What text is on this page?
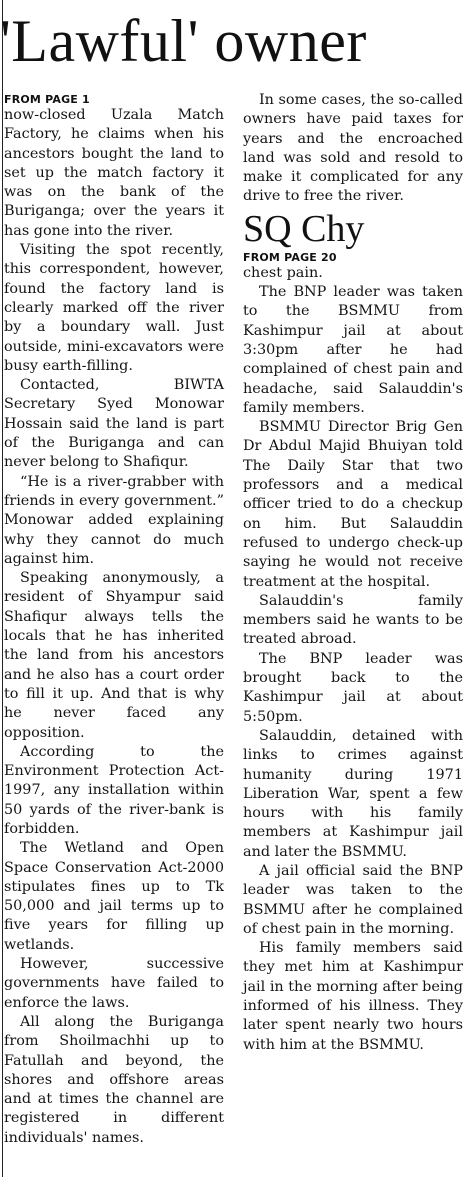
'Lawful' owner
FROM PAGE 1

now-closed Uzala Match Factory, he claims when his ancestors bought the land to set up the match factory it was on the bank of the Buriganga; over the years it has gone into the river.

Visiting the spot recently, this correspondent, however, found the factory land is clearly marked off the river by a boundary wall. Just outside, mini-excavators were busy earth-filling.

Contacted, BIWTA Secretary Syed Monowar Hossain said the land is part of the Buriganga and can never belong to Shafiqur.

“He is a river-grabber with friends in every government.” Monowar added explaining why they cannot do much against him.

Speaking anonymously, a resident of Shyampur said Shafiqur always tells the locals that he has inherited the land from his ancestors and he also has a court order to fill it up. And that is why he never faced any opposition.

According to the Environment Protection Act-1997, any installation within 50 yards of the river-bank is forbidden.

The Wetland and Open Space Conservation Act-2000 stipulates fines up to Tk 50,000 and jail terms up to five years for filling up wetlands.

However, successive governments have failed to enforce the laws.

All along the Buriganga from Shoilmachhi up to Fatullah and beyond, the shores and offshore areas and at times the channel are registered in different individuals' names.

In some cases, the so-called owners have paid taxes for years and the encroached land was sold and resold to make it complicated for any drive to free the river.

SQ Chy
FROM PAGE 20

chest pain.

The BNP leader was taken to the BSMMU from Kashimpur jail at about 3:30pm after he had complained of chest pain and headache, said Salauddin's family members.

BSMMU Director Brig Gen Dr Abdul Majid Bhuiyan told The Daily Star that two professors and a medical officer tried to do a checkup on him. But Salauddin refused to undergo check-up saying he would not receive treatment at the hospital.

Salauddin's family members said he wants to be treated abroad.

The BNP leader was brought back to the Kashimpur jail at about 5:50pm.

Salauddin, detained with links to crimes against humanity during 1971 Liberation War, spent a few hours with his family members at Kashimpur jail and later the BSMMU.

A jail official said the BNP leader was taken to the BSMMU after he complained of chest pain in the morning.

His family members said they met him at Kashimpur jail in the morning after being informed of his illness. They later spent nearly two hours with him at the BSMMU.
